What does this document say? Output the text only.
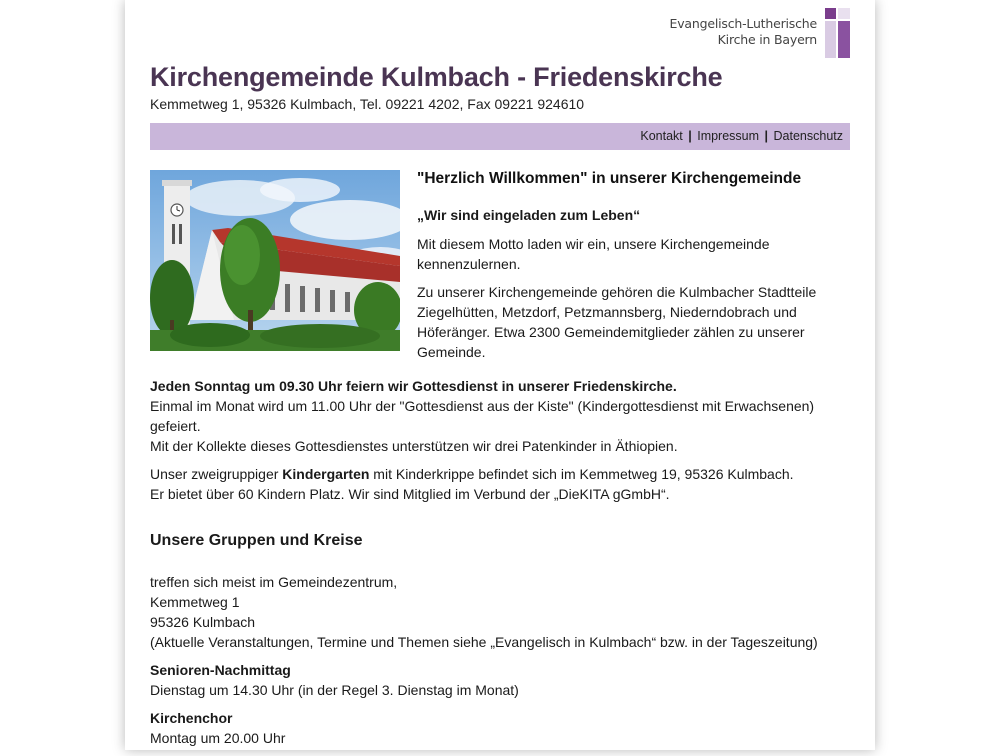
Evangelisch-Lutherische
Kirche in Bayern
Kirchengemeinde Kulmbach - Friedenskirche
Kemmetweg 1, 95326 Kulmbach, Tel. 09221 4202, Fax 09221 924610
Kontakt | Impressum | Datenschutz
"Herzlich Willkommen" in unserer Kirchengemeinde

„Wir sind eingeladen zum Leben“

Mit diesem Motto laden wir ein, unsere Kirchengemeinde kennenzulernen.

Zu unserer Kirchengemeinde gehören die Kulmbacher Stadtteile Ziegelhütten, Metzdorf, Petzmannsberg, Niederndobrach und Höferänger. Etwa 2300 Gemeindemitglieder zählen zu unserer Gemeinde.

Jeden Sonntag um 09.30 Uhr feiern wir Gottesdienst in unserer Friedenskirche.
Einmal im Monat wird um 11.00 Uhr der "Gottesdienst aus der Kiste" (Kindergottesdienst mit Erwachsenen) gefeiert.
Mit der Kollekte dieses Gottesdienstes unterstützen wir drei Patenkinder in Äthiopien.

Unser zweigruppiger Kindergarten mit Kinderkrippe befindet sich im Kemmetweg 19, 95326 Kulmbach.
Er bietet über 60 Kindern Platz. Wir sind Mitglied im Verbund der „DieKITA gGmbH“.

Unsere Gruppen und Kreise

treffen sich meist im Gemeindezentrum,
Kemmetweg 1
95326 Kulmbach
(Aktuelle Veranstaltungen, Termine und Themen siehe „Evangelisch in Kulmbach“ bzw. in der Tageszeitung)

Senioren-Nachmittag
Dienstag um 14.30 Uhr (in der Regel 3. Dienstag im Monat)

Kirchenchor
Montag um 20.00 Uhr
